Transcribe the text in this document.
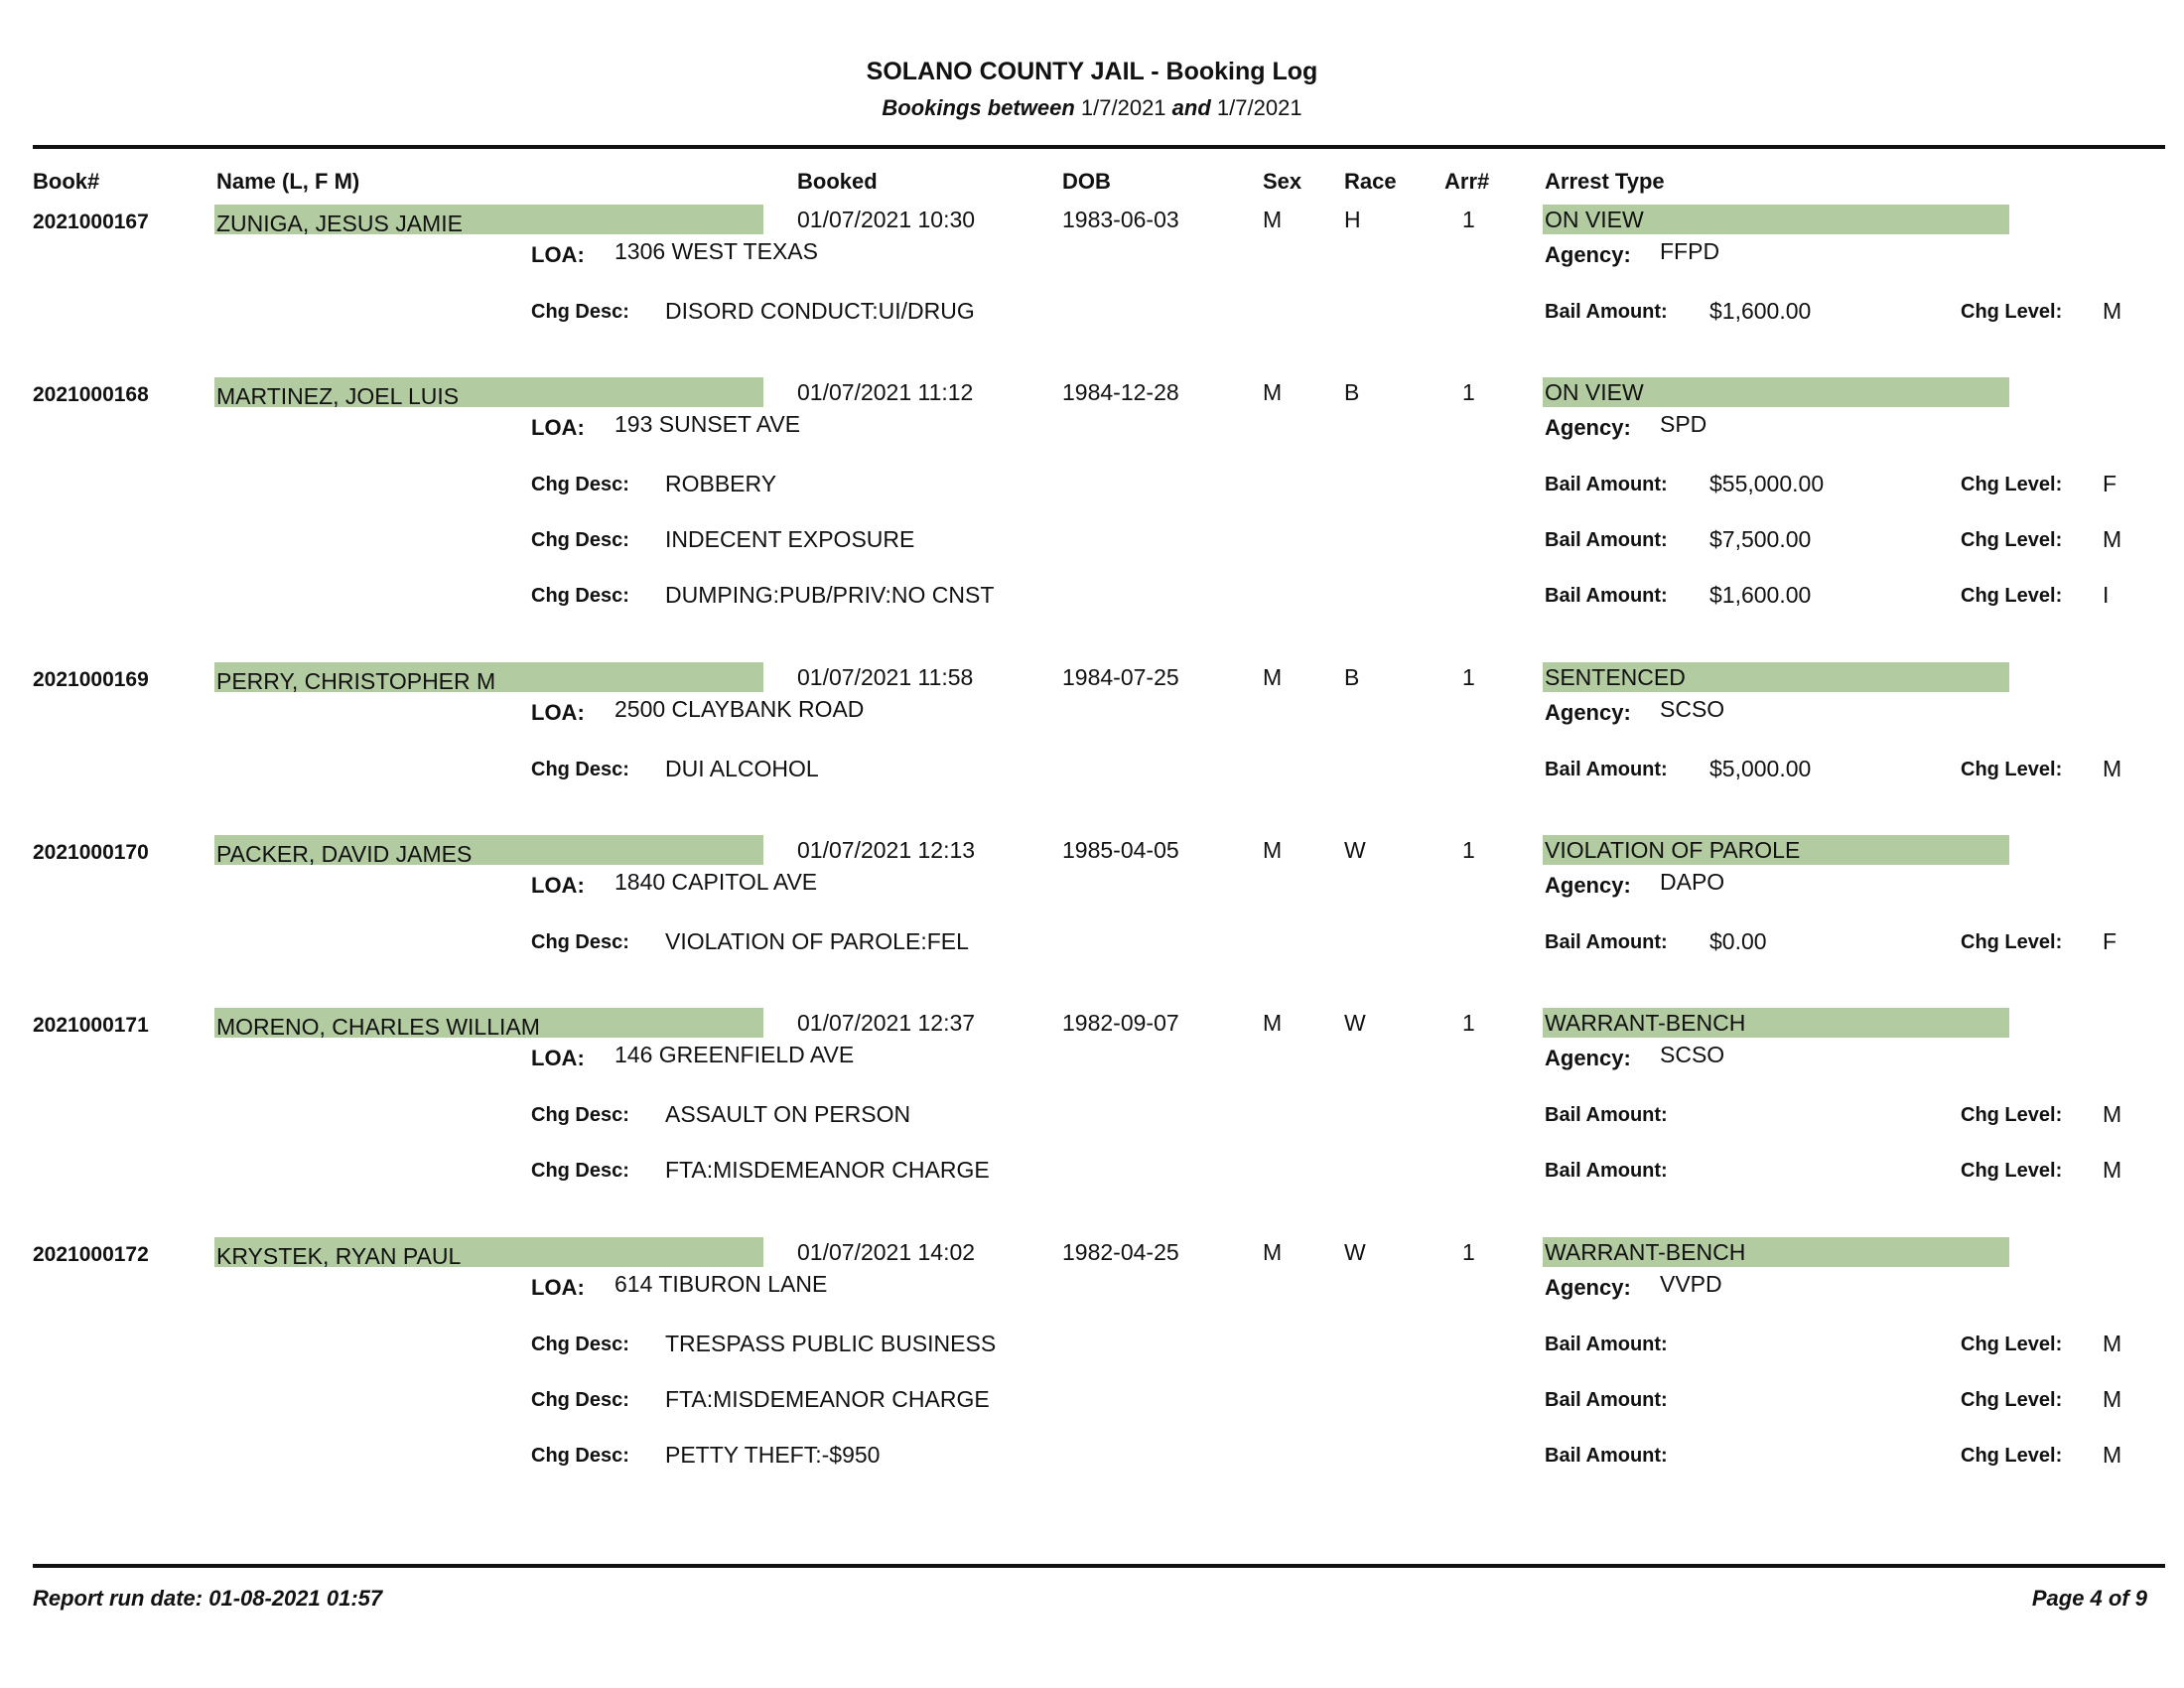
SOLANO COUNTY JAIL - Booking Log
Bookings between 1/7/2021 and 1/7/2021
Book#	Name (L, F M)	Booked	DOB	Sex Race Arr#	Arrest Type
2021000167	ZUNIGA, JESUS JAMIE	01/07/2021 10:30	1983-06-03	M	H	1	ON VIEW
LOA: 1306 WEST TEXAS	Agency: FFPD
Chg Desc: DISORD CONDUCT:UI/DRUG	Bail Amount: $1,600.00	Chg Level: M
2021000168	MARTINEZ, JOEL LUIS	01/07/2021 11:12	1984-12-28	M	B	1	ON VIEW
LOA: 193 SUNSET AVE	Agency: SPD
Chg Desc: ROBBERY	Bail Amount: $55,000.00	Chg Level: F
Chg Desc: INDECENT EXPOSURE	Bail Amount: $7,500.00	Chg Level: M
Chg Desc: DUMPING:PUB/PRIV:NO CNST	Bail Amount: $1,600.00	Chg Level: I
2021000169	PERRY, CHRISTOPHER M	01/07/2021 11:58	1984-07-25	M	B	1	SENTENCED
LOA: 2500 CLAYBANK ROAD	Agency: SCSO
Chg Desc: DUI ALCOHOL	Bail Amount: $5,000.00	Chg Level: M
2021000170	PACKER, DAVID JAMES	01/07/2021 12:13	1985-04-05	M	W	1	VIOLATION OF PAROLE
LOA: 1840 CAPITOL AVE	Agency: DAPO
Chg Desc: VIOLATION OF PAROLE:FEL	Bail Amount: $0.00	Chg Level: F
2021000171	MORENO, CHARLES WILLIAM	01/07/2021 12:37	1982-09-07	M	W	1	WARRANT-BENCH
LOA: 146 GREENFIELD AVE	Agency: SCSO
Chg Desc: ASSAULT ON PERSON	Bail Amount:	Chg Level: M
Chg Desc: FTA:MISDEMEANOR CHARGE	Bail Amount:	Chg Level: M
2021000172	KRYSTEK, RYAN PAUL	01/07/2021 14:02	1982-04-25	M	W	1	WARRANT-BENCH
LOA: 614 TIBURON LANE	Agency: VVPD
Chg Desc: TRESPASS PUBLIC BUSINESS	Bail Amount:	Chg Level: M
Chg Desc: FTA:MISDEMEANOR CHARGE	Bail Amount:	Chg Level: M
Chg Desc: PETTY THEFT:-$950	Bail Amount:	Chg Level: M
Report run date: 01-08-2021 01:57	Page 4 of 9
